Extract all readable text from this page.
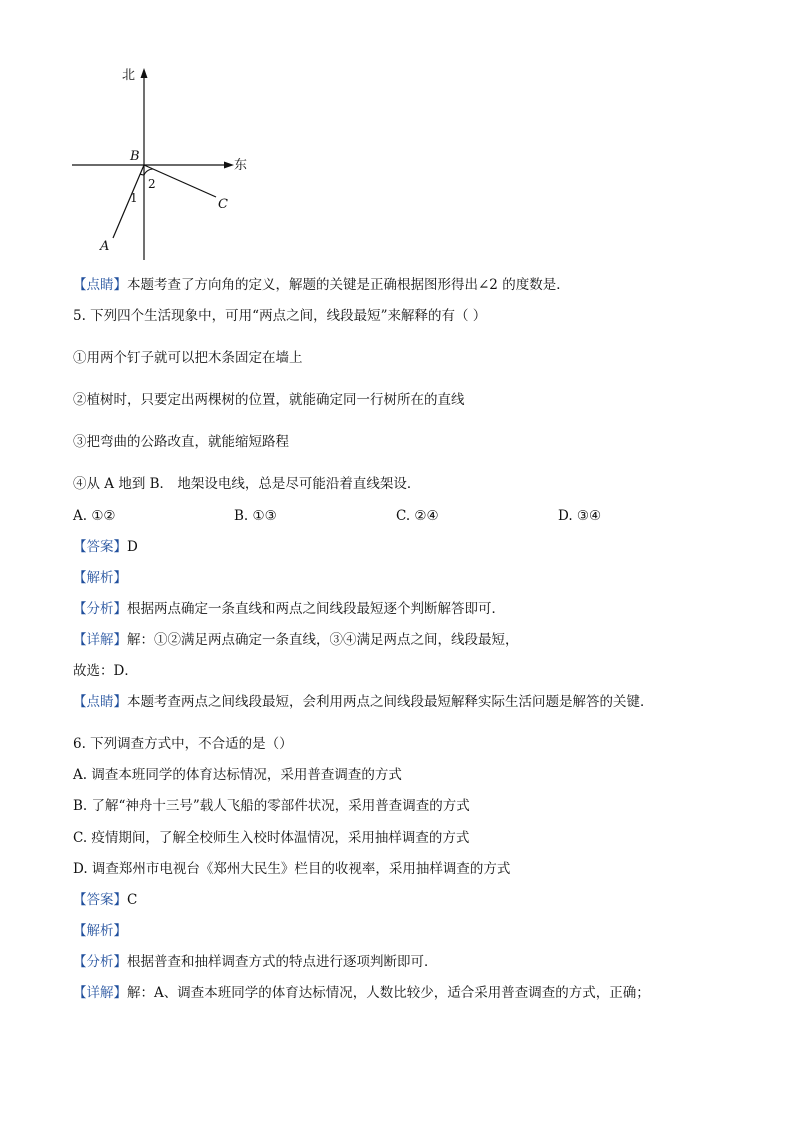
北
东
B
A
C
1
2
【点睛】本题考查了方向角的定义，解题的关键是正确根据图形得出∠2 的度数是．
5. 下列四个生活现象中，可用“两点之间，线段最短”来解释的有（ ）
①用两个钉子就可以把木条固定在墙上
②植树时，只要定出两棵树的位置，就能确定同一行树所在的直线
③把弯曲的公路改直，就能缩短路程
④从 A 地到 B． 地架设电线，总是尽可能沿着直线架设．
A. ①②	B. ①③	C. ②④	D. ③④
【答案】D
【解析】
【分析】根据两点确定一条直线和两点之间线段最短逐个判断解答即可．
【详解】解：①②满足两点确定一条直线，③④满足两点之间，线段最短，
故选：D．
【点睛】本题考查两点之间线段最短，会利用两点之间线段最短解释实际生活问题是解答的关键．
6. 下列调查方式中，不合适的是（）
A. 调查本班同学的体育达标情况，采用普查调查的方式
B. 了解“神舟十三号”载人飞船的零部件状况，采用普查调查的方式
C. 疫情期间，了解全校师生入校时体温情况，采用抽样调查的方式
D. 调查郑州市电视台《郑州大民生》栏目的收视率，采用抽样调查的方式
【答案】C
【解析】
【分析】根据普查和抽样调查方式的特点进行逐项判断即可．
【详解】解：A、调查本班同学的体育达标情况，人数比较少，适合采用普查调查的方式，正确；
